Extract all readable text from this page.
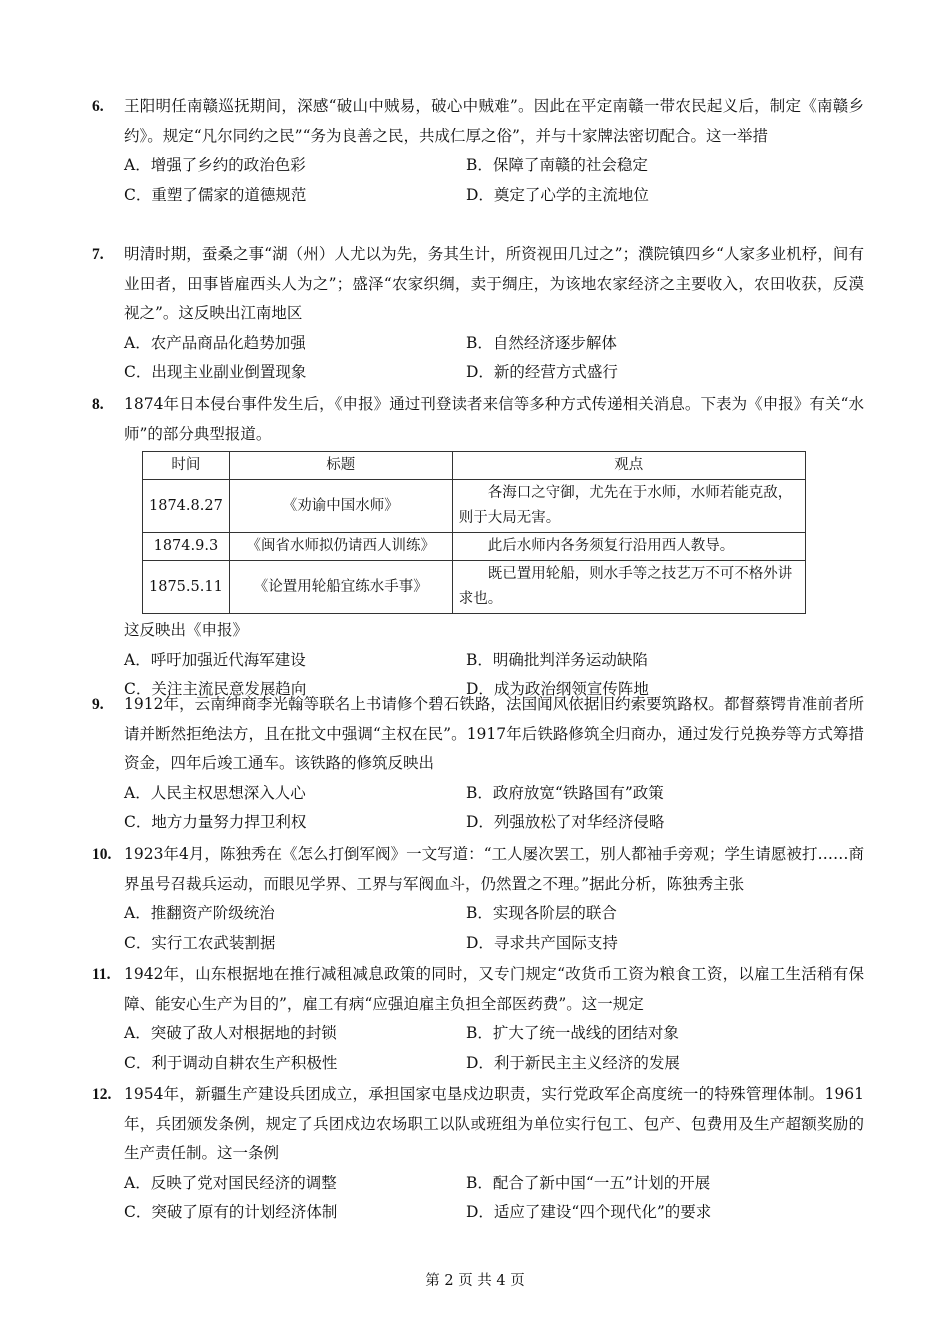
6. 王阳明任南赣巡抚期间，深感“破山中贼易，破心中贼难”。因此在平定南赣一带农民起义后，制定《南赣乡约》。规定“凡尔同约之民”“务为良善之民，共成仁厚之俗”，并与十家牌法密切配合。这一举措
A．增强了乡约的政治色彩	B．保障了南赣的社会稳定
C．重塑了儒家的道德规范	D．奠定了心学的主流地位
7. 明清时期，蚕桑之事“湖（州）人尤以为先，务其生计，所资视田几过之”；濮院镇四乡“人家多业机杼，间有业田者，田事皆雇西头人为之”；盛泽“农家织绸，卖于绸庄，为该地农家经济之主要收入，农田收获，反漠视之”。这反映出江南地区
A．农产品商品化趋势加强	B．自然经济逐步解体
C．出现主业副业倒置现象	D．新的经营方式盛行
8. 1874年日本侵台事件发生后，《申报》通过刊登读者来信等多种方式传递相关消息。下表为《申报》有关“水师”的部分典型报道。
时间	标题	观点
1874.8.27	《劝谕中国水师》	各海口之守御，尤先在于水师，水师若能克敌，则于大局无害。
1874.9.3	《闽省水师拟仍请西人训练》	此后水师内各务须复行沿用西人教导。
1875.5.11	《论置用轮船宜练水手事》	既已置用轮船，则水手等之技艺万不可不格外讲求也。
这反映出《申报》
A．呼吁加强近代海军建设	B．明确批判洋务运动缺陷
C．关注主流民意发展趋向	D．成为政治纲领宣传阵地
9. 1912年，云南绅商李光翰等联名上书请修个碧石铁路，法国闻风依据旧约索要筑路权。都督蔡锷肯准前者所请并断然拒绝法方，且在批文中强调“主权在民”。1917年后铁路修筑全归商办，通过发行兑换券等方式筹措资金，四年后竣工通车。该铁路的修筑反映出
A．人民主权思想深入人心	B．政府放宽“铁路国有”政策
C．地方力量努力捍卫利权	D．列强放松了对华经济侵略
10. 1923年4月，陈独秀在《怎么打倒军阀》一文写道：“工人屡次罢工，别人都袖手旁观；学生请愿被打……商界虽号召裁兵运动，而眼见学界、工界与军阀血斗，仍然置之不理。”据此分析，陈独秀主张
A．推翻资产阶级统治	B．实现各阶层的联合
C．实行工农武装割据	D．寻求共产国际支持
11. 1942年，山东根据地在推行减租减息政策的同时，又专门规定“改货币工资为粮食工资，以雇工生活稍有保障、能安心生产为目的”，雇工有病“应强迫雇主负担全部医药费”。这一规定
A．突破了敌人对根据地的封锁	B．扩大了统一战线的团结对象
C．利于调动自耕农生产积极性	D．利于新民主主义经济的发展
12. 1954年，新疆生产建设兵团成立，承担国家屯垦戍边职责，实行党政军企高度统一的特殊管理体制。1961年，兵团颁发条例，规定了兵团戍边农场职工以队或班组为单位实行包工、包产、包费用及生产超额奖励的生产责任制。这一条例
A．反映了党对国民经济的调整	B．配合了新中国“一五”计划的开展
C．突破了原有的计划经济体制	D．适应了建设“四个现代化”的要求
第 2 页 共 4 页
